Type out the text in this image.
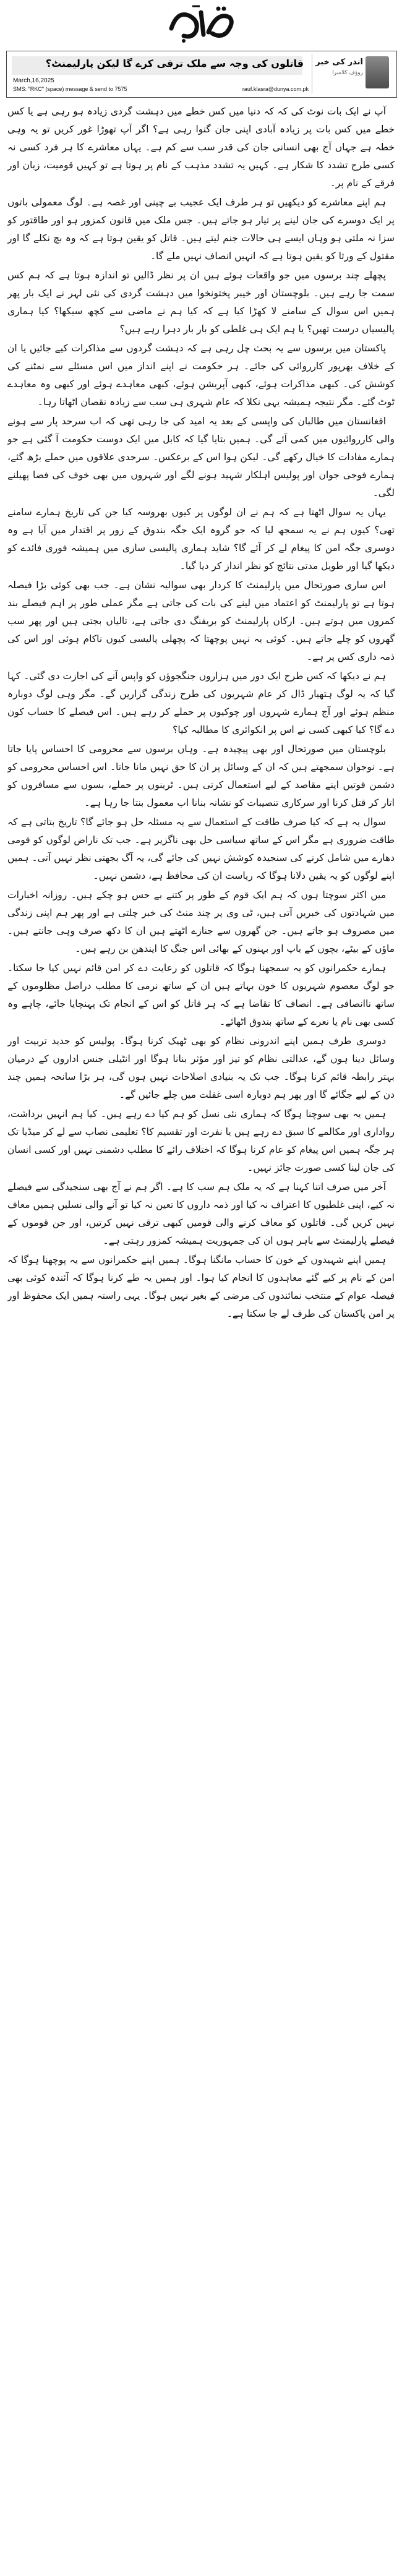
قاتلوں کی وجہ سے ملک ترقی کرے گا لیکن پارلیمنٹ؟ اندر کی خبر
روؤف کلاسرا
March,16,2025
SMS: "RKC" (space) message & send to 7575	rauf.klasra@dunya.com.pk

آپ نے ایک بات نوٹ کی کہ کہ دنیا میں کس خطے میں دہشت گردی زیادہ ہو رہی ہے یا کس خطے میں کس بات پر زیادہ آبادی اپنی جان گنوا رہی ہے؟ اگر آپ تھوڑا غور کریں تو یہ وہی خطہ ہے جہاں آج بھی انسانی جان کی قدر سب سے کم ہے۔ یہاں معاشرے کا ہر فرد کسی نہ کسی طرح تشدد کا شکار ہے۔ کہیں یہ تشدد مذہب کے نام پر ہوتا ہے تو کہیں قومیت، زبان اور فرقے کے نام پر۔

ہم اپنے معاشرے کو دیکھیں تو ہر طرف ایک عجیب بے چینی اور غصہ ہے۔ لوگ معمولی باتوں پر ایک دوسرے کی جان لینے پر تیار ہو جاتے ہیں۔ جس ملک میں قانون کمزور ہو اور طاقتور کو سزا نہ ملتی ہو وہاں ایسے ہی حالات جنم لیتے ہیں۔ قاتل کو یقین ہوتا ہے کہ وہ بچ نکلے گا اور مقتول کے ورثا کو یقین ہوتا ہے کہ انہیں انصاف نہیں ملے گا۔

پچھلے چند برسوں میں جو واقعات ہوئے ہیں ان پر نظر ڈالیں تو اندازہ ہوتا ہے کہ ہم کس سمت جا رہے ہیں۔ بلوچستان اور خیبر پختونخوا میں دہشت گردی کی نئی لہر نے ایک بار پھر ہمیں اس سوال کے سامنے لا کھڑا کیا ہے کہ کیا ہم نے ماضی سے کچھ سیکھا؟ کیا ہماری پالیسیاں درست تھیں؟ یا ہم ایک ہی غلطی کو بار بار دہرا رہے ہیں؟

پاکستان میں برسوں سے یہ بحث چل رہی ہے کہ دہشت گردوں سے مذاکرات کیے جائیں یا ان کے خلاف بھرپور کارروائی کی جائے۔ ہر حکومت نے اپنے انداز میں اس مسئلے سے نمٹنے کی کوشش کی۔ کبھی مذاکرات ہوئے، کبھی آپریشن ہوئے، کبھی معاہدے ہوئے اور کبھی وہ معاہدے ٹوٹ گئے۔ مگر نتیجہ ہمیشہ یہی نکلا کہ عام شہری ہی سب سے زیادہ نقصان اٹھاتا رہا۔

افغانستان میں طالبان کی واپسی کے بعد یہ امید کی جا رہی تھی کہ اب سرحد پار سے ہونے والی کارروائیوں میں کمی آئے گی۔ ہمیں بتایا گیا کہ کابل میں ایک دوست حکومت آ گئی ہے جو ہمارے مفادات کا خیال رکھے گی۔ لیکن ہوا اس کے برعکس۔ سرحدی علاقوں میں حملے بڑھ گئے، ہمارے فوجی جوان اور پولیس اہلکار شہید ہونے لگے اور شہروں میں بھی خوف کی فضا پھیلنے لگی۔

یہاں یہ سوال اٹھتا ہے کہ ہم نے ان لوگوں پر کیوں بھروسہ کیا جن کی تاریخ ہمارے سامنے تھی؟ کیوں ہم نے یہ سمجھ لیا کہ جو گروہ ایک جگہ بندوق کے زور پر اقتدار میں آیا ہے وہ دوسری جگہ امن کا پیغام لے کر آئے گا؟ شاید ہماری پالیسی سازی میں ہمیشہ فوری فائدے کو دیکھا گیا اور طویل مدتی نتائج کو نظر انداز کر دیا گیا۔

اس ساری صورتحال میں پارلیمنٹ کا کردار بھی سوالیہ نشان ہے۔ جب بھی کوئی بڑا فیصلہ ہوتا ہے تو پارلیمنٹ کو اعتماد میں لینے کی بات کی جاتی ہے مگر عملی طور پر اہم فیصلے بند کمروں میں ہوتے ہیں۔ ارکان پارلیمنٹ کو بریفنگ دی جاتی ہے، تالیاں بجتی ہیں اور پھر سب گھروں کو چلے جاتے ہیں۔ کوئی یہ نہیں پوچھتا کہ پچھلی پالیسی کیوں ناکام ہوئی اور اس کی ذمہ داری کس پر ہے۔

ہم نے دیکھا کہ کس طرح ایک دور میں ہزاروں جنگجوؤں کو واپس آنے کی اجازت دی گئی۔ کہا گیا کہ یہ لوگ ہتھیار ڈال کر عام شہریوں کی طرح زندگی گزاریں گے۔ مگر وہی لوگ دوبارہ منظم ہوئے اور آج ہمارے شہروں اور چوکیوں پر حملے کر رہے ہیں۔ اس فیصلے کا حساب کون دے گا؟ کیا کبھی کسی نے اس پر انکوائری کا مطالبہ کیا؟

بلوچستان میں صورتحال اور بھی پیچیدہ ہے۔ وہاں برسوں سے محرومی کا احساس پایا جاتا ہے۔ نوجوان سمجھتے ہیں کہ ان کے وسائل پر ان کا حق نہیں مانا جاتا۔ اس احساس محرومی کو دشمن قوتیں اپنے مقاصد کے لیے استعمال کرتی ہیں۔ ٹرینوں پر حملے، بسوں سے مسافروں کو اتار کر قتل کرنا اور سرکاری تنصیبات کو نشانہ بنانا اب معمول بنتا جا رہا ہے۔

سوال یہ ہے کہ کیا صرف طاقت کے استعمال سے یہ مسئلہ حل ہو جائے گا؟ تاریخ بتاتی ہے کہ طاقت ضروری ہے مگر اس کے ساتھ سیاسی حل بھی ناگزیر ہے۔ جب تک ناراض لوگوں کو قومی دھارے میں شامل کرنے کی سنجیدہ کوشش نہیں کی جائے گی، یہ آگ بجھتی نظر نہیں آتی۔ ہمیں اپنے لوگوں کو یہ یقین دلانا ہوگا کہ ریاست ان کی محافظ ہے، دشمن نہیں۔

میں اکثر سوچتا ہوں کہ ہم ایک قوم کے طور پر کتنے بے حس ہو چکے ہیں۔ روزانہ اخبارات میں شہادتوں کی خبریں آتی ہیں، ٹی وی پر چند منٹ کی خبر چلتی ہے اور پھر ہم اپنی زندگی میں مصروف ہو جاتے ہیں۔ جن گھروں سے جنازے اٹھتے ہیں ان کا دکھ صرف وہی جانتے ہیں۔ ماؤں کے بیٹے، بچوں کے باپ اور بہنوں کے بھائی اس جنگ کا ایندھن بن رہے ہیں۔

ہمارے حکمرانوں کو یہ سمجھنا ہوگا کہ قاتلوں کو رعایت دے کر امن قائم نہیں کیا جا سکتا۔ جو لوگ معصوم شہریوں کا خون بہاتے ہیں ان کے ساتھ نرمی کا مطلب دراصل مظلوموں کے ساتھ ناانصافی ہے۔ انصاف کا تقاضا ہے کہ ہر قاتل کو اس کے انجام تک پہنچایا جائے، چاہے وہ کسی بھی نام یا نعرے کے ساتھ بندوق اٹھائے۔

دوسری طرف ہمیں اپنے اندرونی نظام کو بھی ٹھیک کرنا ہوگا۔ پولیس کو جدید تربیت اور وسائل دینا ہوں گے، عدالتی نظام کو تیز اور مؤثر بنانا ہوگا اور انٹیلی جنس اداروں کے درمیان بہتر رابطہ قائم کرنا ہوگا۔ جب تک یہ بنیادی اصلاحات نہیں ہوں گی، ہر بڑا سانحہ ہمیں چند دن کے لیے جگائے گا اور پھر ہم دوبارہ اسی غفلت میں چلے جائیں گے۔

ہمیں یہ بھی سوچنا ہوگا کہ ہماری نئی نسل کو ہم کیا دے رہے ہیں۔ کیا ہم انہیں برداشت، رواداری اور مکالمے کا سبق دے رہے ہیں یا نفرت اور تقسیم کا؟ تعلیمی نصاب سے لے کر میڈیا تک ہر جگہ ہمیں اس پیغام کو عام کرنا ہوگا کہ اختلاف رائے کا مطلب دشمنی نہیں اور کسی انسان کی جان لینا کسی صورت جائز نہیں۔

آخر میں صرف اتنا کہنا ہے کہ یہ ملک ہم سب کا ہے۔ اگر ہم نے آج بھی سنجیدگی سے فیصلے نہ کیے، اپنی غلطیوں کا اعتراف نہ کیا اور ذمہ داروں کا تعین نہ کیا تو آنے والی نسلیں ہمیں معاف نہیں کریں گی۔ قاتلوں کو معاف کرنے والی قومیں کبھی ترقی نہیں کرتیں، اور جن قوموں کے فیصلے پارلیمنٹ سے باہر ہوں ان کی جمہوریت ہمیشہ کمزور رہتی ہے۔

ہمیں اپنے شہیدوں کے خون کا حساب مانگنا ہوگا۔ ہمیں اپنے حکمرانوں سے یہ پوچھنا ہوگا کہ امن کے نام پر کیے گئے معاہدوں کا انجام کیا ہوا۔ اور ہمیں یہ طے کرنا ہوگا کہ آئندہ کوئی بھی فیصلہ عوام کے منتخب نمائندوں کی مرضی کے بغیر نہیں ہوگا۔ یہی راستہ ہمیں ایک محفوظ اور پر امن پاکستان کی طرف لے جا سکتا ہے۔
